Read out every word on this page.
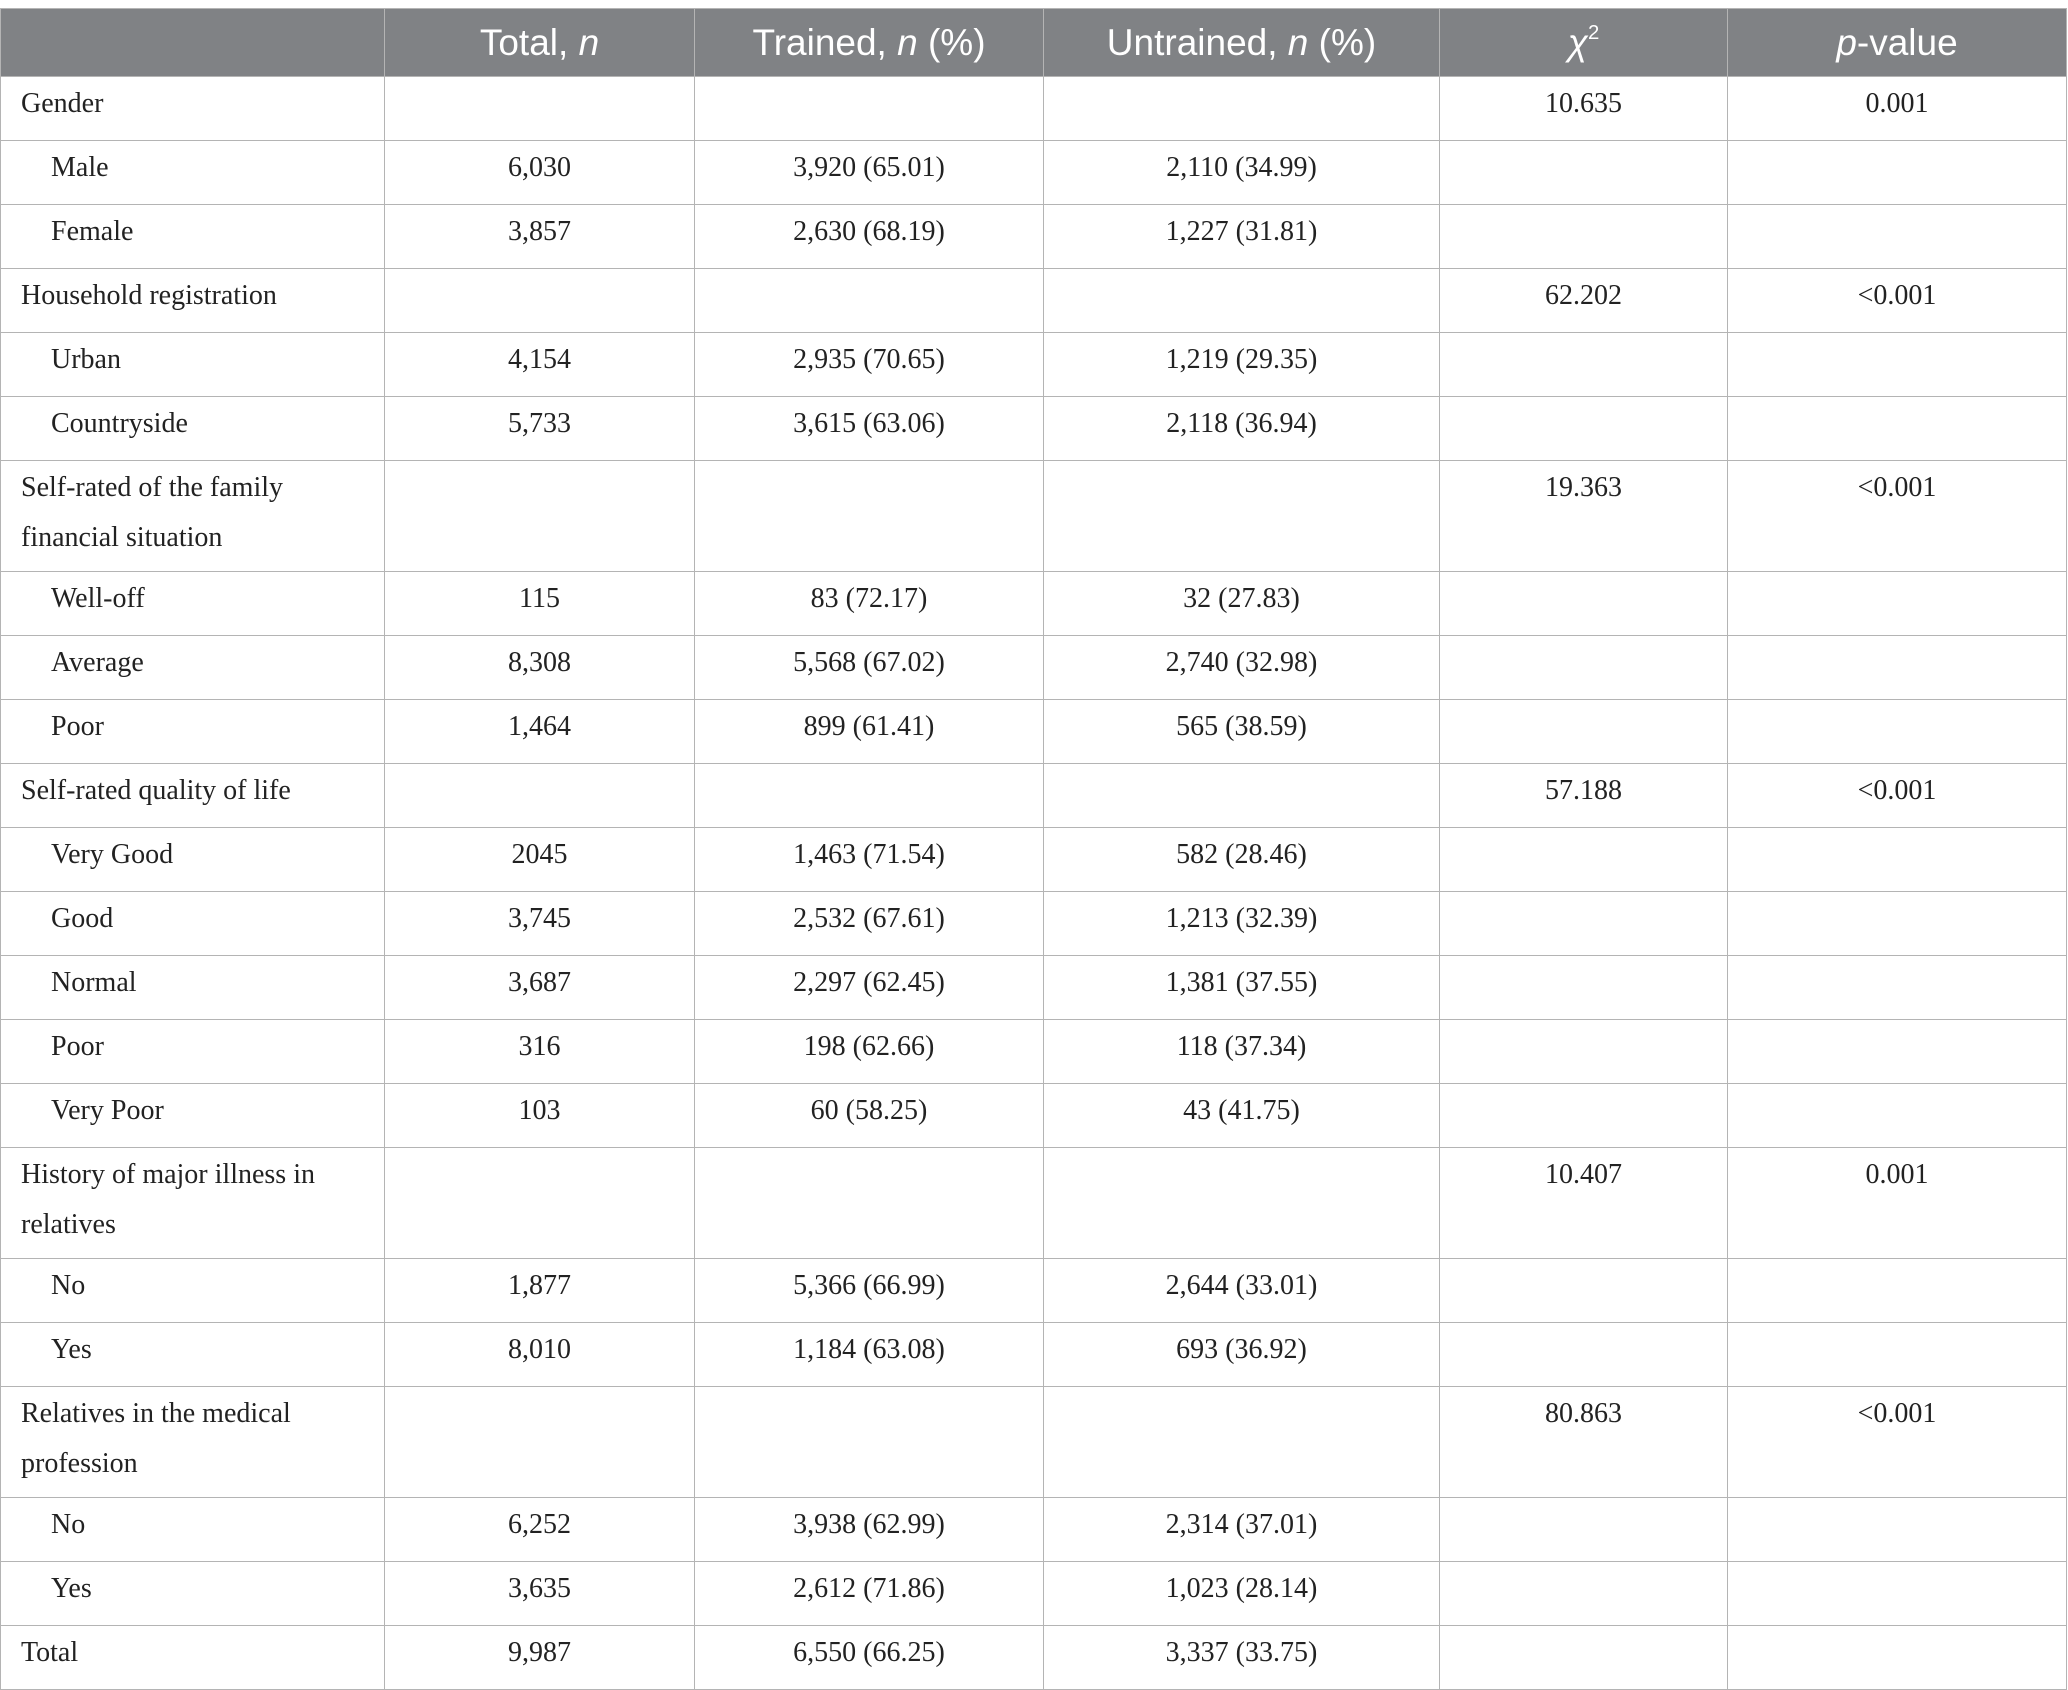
	Total, n	Trained, n (%)	Untrained, n (%)	$\chi^2$	p-value
Gender				10.635	0.001
Male	6,030	3,920 (65.01)	2,110 (34.99)		
Female	3,857	2,630 (68.19)	1,227 (31.81)		
Household registration				62.202	<0.001
Urban	4,154	2,935 (70.65)	1,219 (29.35)		
Countryside	5,733	3,615 (63.06)	2,118 (36.94)		
Self-rated of the family financial situation				19.363	<0.001
Well-off	115	83 (72.17)	32 (27.83)		
Average	8,308	5,568 (67.02)	2,740 (32.98)		
Poor	1,464	899 (61.41)	565 (38.59)		
Self-rated quality of life				57.188	<0.001
Very Good	2045	1,463 (71.54)	582 (28.46)		
Good	3,745	2,532 (67.61)	1,213 (32.39)		
Normal	3,687	2,297 (62.45)	1,381 (37.55)		
Poor	316	198 (62.66)	118 (37.34)		
Very Poor	103	60 (58.25)	43 (41.75)		
History of major illness in relatives				10.407	0.001
No	1,877	5,366 (66.99)	2,644 (33.01)		
Yes	8,010	1,184 (63.08)	693 (36.92)		
Relatives in the medical profession				80.863	<0.001
No	6,252	3,938 (62.99)	2,314 (37.01)		
Yes	3,635	2,612 (71.86)	1,023 (28.14)		
Total	9,987	6,550 (66.25)	3,337 (33.75)		
